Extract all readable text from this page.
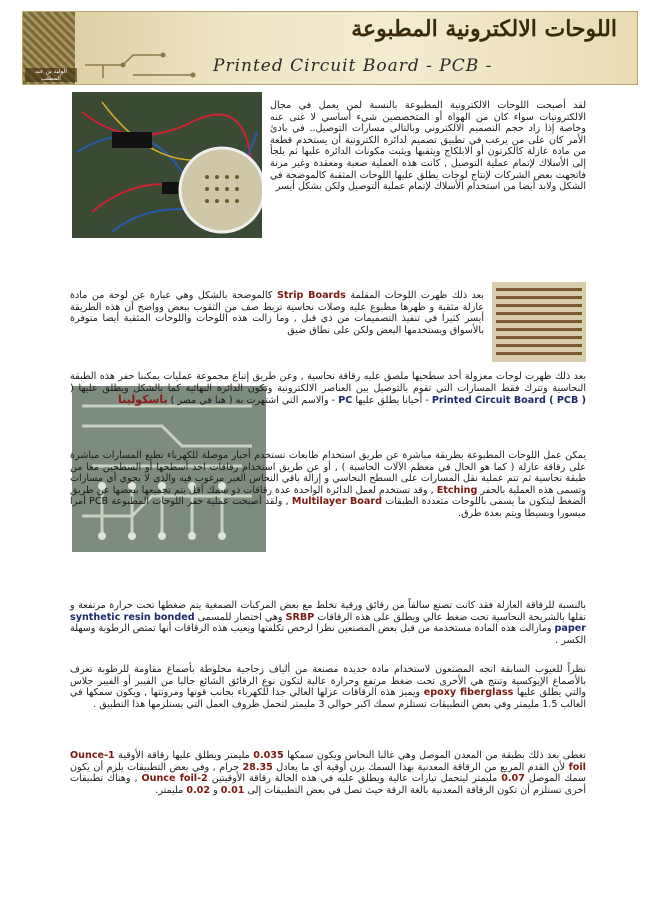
الوليد بن عبد المطلب
اللوحات الالكترونية المطبوعة
Printed Circuit Board - PCB -

لقد أصبحت اللوحات الالكترونية المطبوعة بالنسبة لمن يعمل في مجال الالكترونيات سواء كان من الهواة أو المتخصصين شيء أساسي لا غنى عنه وخاصة إذا زاد حجم التصميم الالكتروني وبالتالي مسارات التوصيل.. في بادئ الأمر كان على من يرغب في تطبيق تصميم لدائرة الكترونية أن يستخدم قطعة من مادة عازلة كالكرتون أو الابلكاج ويثقبها ويثبت مكونات الدائرة عليها ثم يلجأ إلى الأسلاك لإتمام عملية التوصيل , كانت هذه العملية صعبة ومعقدة وغير مرنة فاتجهت بعض الشركات لإنتاج لوحات يطلق عليها اللوحات المثقبة كالموضحة في الشكل ولابد أيضا من استخدام الأسلاك لإتمام عملية التوصيل ولكن بشكل أيسر

بعد ذلك ظهرت اللوحات المقلمة Strip Boards كالموضحة بالشكل وهي عبارة عن لوحة من مادة عازلة مثقبة و ظهرها مطبوع عليه وصلات نحاسية تربط صف من الثقوب ببعض وواضح أن هذه الطريقة أيسر كثيرا في تنفيذ التصميمات من ذي قبل , وما زالت هذه اللوحات واللوحات المثقبة أيضا متوفرة بالأسواق ويستخدمها البعض ولكن على نطاق ضيق

بعد ذلك ظهرت لوحات معزولة أحد سطحيها ملصق عليه رقاقة نحاسية , وعن طريق إتباع مجموعة عمليات يمكننا حفر هذه الطبقة النحاسية وتترك فقط المسارات التي تقوم بالتوصيل بين العناصر الالكترونية وتكون الدائرة النهائية كما بالشكل ويطلق عليها ( Printed Circuit Board ( PCB ) - أحيانا يطلق عليها PC - والاسم التي اشتهرت به ( هنا في مصر ) باسكولينا

يمكن عمل اللوحات المطبوعة بطريقة مباشرة عن طريق استخدام طابعات تستخدم أحبار موصلة للكهرباء تطبع المسارات مباشرة على رقاقة عازلة ( كما هو الحال في معظم الآلات الحاسبة ) , أو عن طريق استخدام رقاقات احد أسطحها أو السطحين معا من طبقة نحاسية ثم تتم عملية نقل المسارات على السطح النحاسي و إزالة باقي النحاس الغير مرغوب فيه والذي لا يحوي أي مسارات وتسمى هذه العملية بالحفر Etching , وقد تستخدم لعمل الدائرة الواحدة عدة رقاقات ذو سمك أقل يتم تجميعها ببعضها عن طريق الضغط ليتكون ما يسمى باللوحات متعددة الطبقات Multilayer Board , ولقد أصبحت عملية حفر اللوحات المطبوعة PCB أمرا ميسورا وبسيطا ويتم بعدة طرق.

بالنسبة للرقاقة العازلة فقد كانت تصنع سالفاً من رقائق ورقية تخلط مع بعض المركبات الصمغية يتم ضغطها تحت حرارة مرتفعة و تقلها بالشريحة النحاسية تحت ضغط عالي ويطلق على هذه الرقاقات SRBP وهي اختصار للمسمى synthetic resin bonded paper ومازالت هذه المادة مستخدمة من قبل بعض المصنعين نظرا لرخص تكلفتها ويعيب هذه الرقاقات أنها تمتص الرطوبة وسهلة الكسر .

نظراً للعيوب السابقة اتجه المصنعون لاستخدام مادة جديدة مصنعة من ألياف زجاجية مخلوطة بأصماغ مقاومة للرطوبة تعرف بالأصماغ الإيوكسية وتنتج هي الأخرى تحت ضغط مرتفع وحرارة عالية لتكون نوع الرقائق الشائع حاليا من الفيبر أو الفيبر جلاس والتي يطلق عليها epoxy fiberglass ويميز هذه الرقاقات عزلها العالي جدا للكهرباء بجانب قوتها ومرونتها , ويكون سمكها في الغالب 1.5 مليمتر وفي بعض التطبيقات تستلزم سمك اكبر حوالي 3 مليمتر لتحمل ظروف العمل التي يستلزمها هذا التطبيق .

تغطى بعد ذلك بطبقة من المعدن الموصل وهي غالبا النحاس ويكون سمكها 0.035 مليمتر ويطلق عليها رقاقة الأوقية 1-Ounce foil لأن القدم المربع من الرقاقة المعدنية بهذا السمك يزن أوقية أي ما يعادل 28.35 جرام , وفي بعض التطبيقات يلزم أن يكون سمك الموصل 0.07 مليمتر ليتحمل تيارات عالية ويطلق عليه في هذه الحالة رقاقة الأوقيتين 2-Ounce foil , وهناك تطبيقات أخرى تستلزم أن تكون الرقاقة المعدنية بالغة الرقة حيث تصل في بعض التطبيقات إلى 0.01 و 0.02 مليمتر.
